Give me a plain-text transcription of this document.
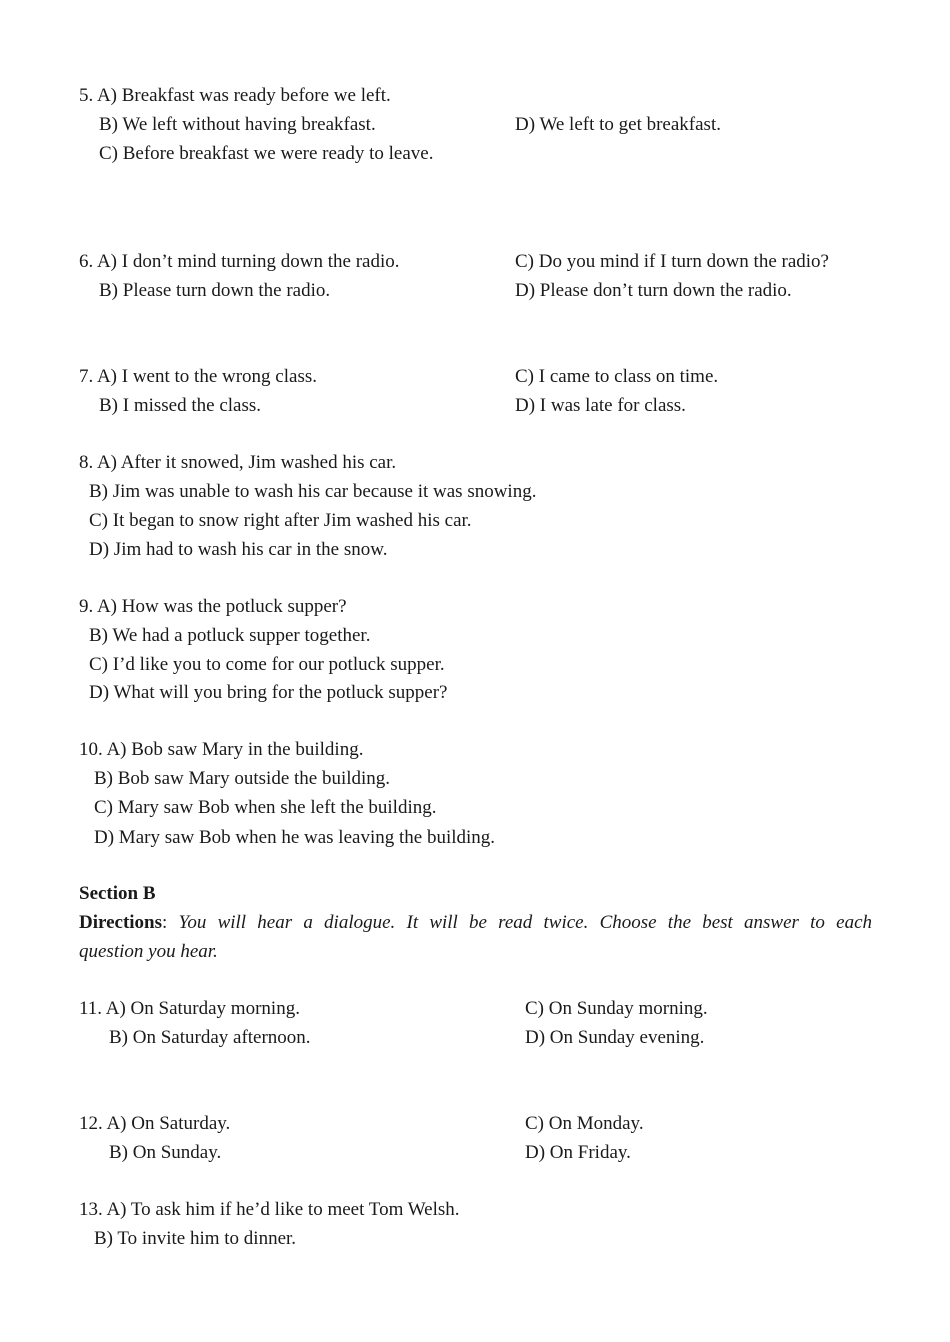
5. A) Breakfast was ready before we left.
B) We left without having breakfast.	D) We left to get breakfast.
C) Before breakfast we were ready to leave.
6. A) I don’t mind turning down the radio.	C) Do you mind if I turn down the radio?
B) Please turn down the radio.	D) Please don’t turn down the radio.
7. A) I went to the wrong class.	C) I came to class on time.
B) I missed the class.	D) I was late for class.
8. A) After it snowed, Jim washed his car.
B) Jim was unable to wash his car because it was snowing.
C) It began to snow right after Jim washed his car.
D) Jim had to wash his car in the snow.
9. A) How was the potluck supper?
B) We had a potluck supper together.
C) I’d like you to come for our potluck supper.
D) What will you bring for the potluck supper?
10. A) Bob saw Mary in the building.
B) Bob saw Mary outside the building.
C) Mary saw Bob when she left the building.
D) Mary saw Bob when he was leaving the building.
Section B
Directions: You will hear a dialogue. It will be read twice. Choose the best answer to each
question you hear.
11. A) On Saturday morning.	C) On Sunday morning.
B) On Saturday afternoon.	D) On Sunday evening.
12. A) On Saturday.	C) On Monday.
B) On Sunday.	D) On Friday.
13. A) To ask him if he’d like to meet Tom Welsh.
B) To invite him to dinner.
